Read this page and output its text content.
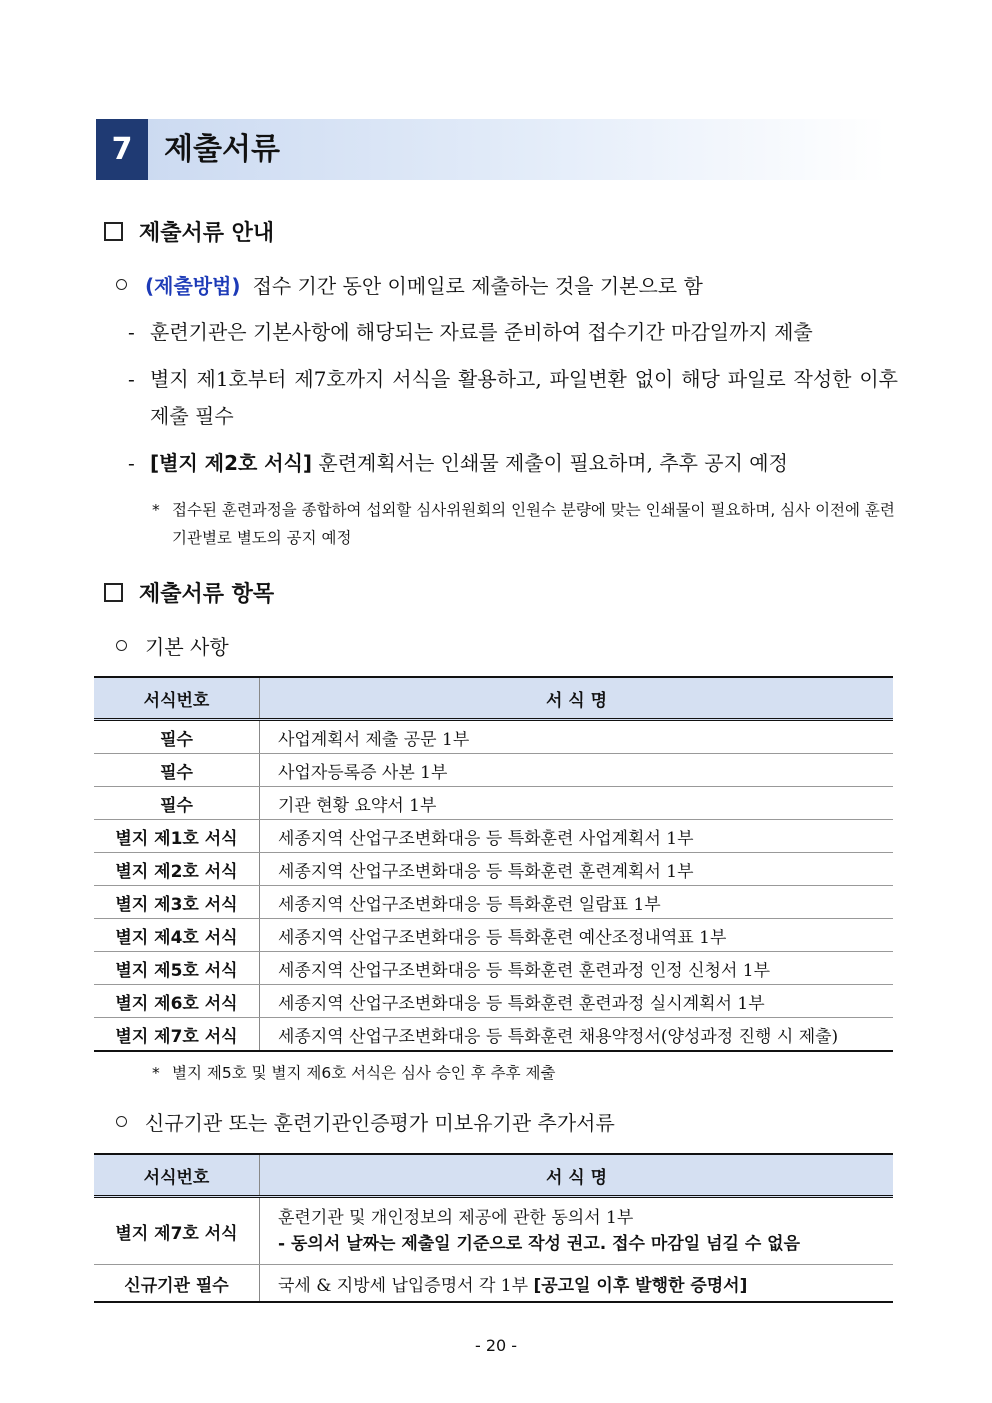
7	제출서류
제출서류 안내
(제출방법) 접수 기간 동안 이메일로 제출하는 것을 기본으로 함
- 훈련기관은 기본사항에 해당되는 자료를 준비하여 접수기간 마감일까지 제출
- 별지 제1호부터 제7호까지 서식을 활용하고, 파일변환 없이 해당 파일로 작성한 이후 제출 필수
- [별지 제2호 서식] 훈련계획서는 인쇄물 제출이 필요하며, 추후 공지 예정
* 접수된 훈련과정을 종합하여 섭외할 심사위원회의 인원수 분량에 맞는 인쇄물이 필요하며, 심사 이전에 훈련기관별로 별도의 공지 예정
제출서류 항목
기본 사항
서식번호	서 식 명
필수	사업계획서 제출 공문 1부
필수	사업자등록증 사본 1부
필수	기관 현황 요약서 1부
별지 제1호 서식	세종지역 산업구조변화대응 등 특화훈련 사업계획서 1부
별지 제2호 서식	세종지역 산업구조변화대응 등 특화훈련 훈련계획서 1부
별지 제3호 서식	세종지역 산업구조변화대응 등 특화훈련 일람표 1부
별지 제4호 서식	세종지역 산업구조변화대응 등 특화훈련 예산조정내역표 1부
별지 제5호 서식	세종지역 산업구조변화대응 등 특화훈련 훈련과정 인정 신청서 1부
별지 제6호 서식	세종지역 산업구조변화대응 등 특화훈련 훈련과정 실시계획서 1부
별지 제7호 서식	세종지역 산업구조변화대응 등 특화훈련 채용약정서(양성과정 진행 시 제출)
* 별지 제5호 및 별지 제6호 서식은 심사 승인 후 추후 제출
신규기관 또는 훈련기관인증평가 미보유기관 추가서류
서식번호	서 식 명
별지 제7호 서식	훈련기관 및 개인정보의 제공에 관한 동의서 1부
- 동의서 날짜는 제출일 기준으로 작성 권고. 접수 마감일 넘길 수 없음

신규기관 필수	국세 & 지방세 납입증명서 각 1부 [공고일 이후 발행한 증명서]
- 20 -
